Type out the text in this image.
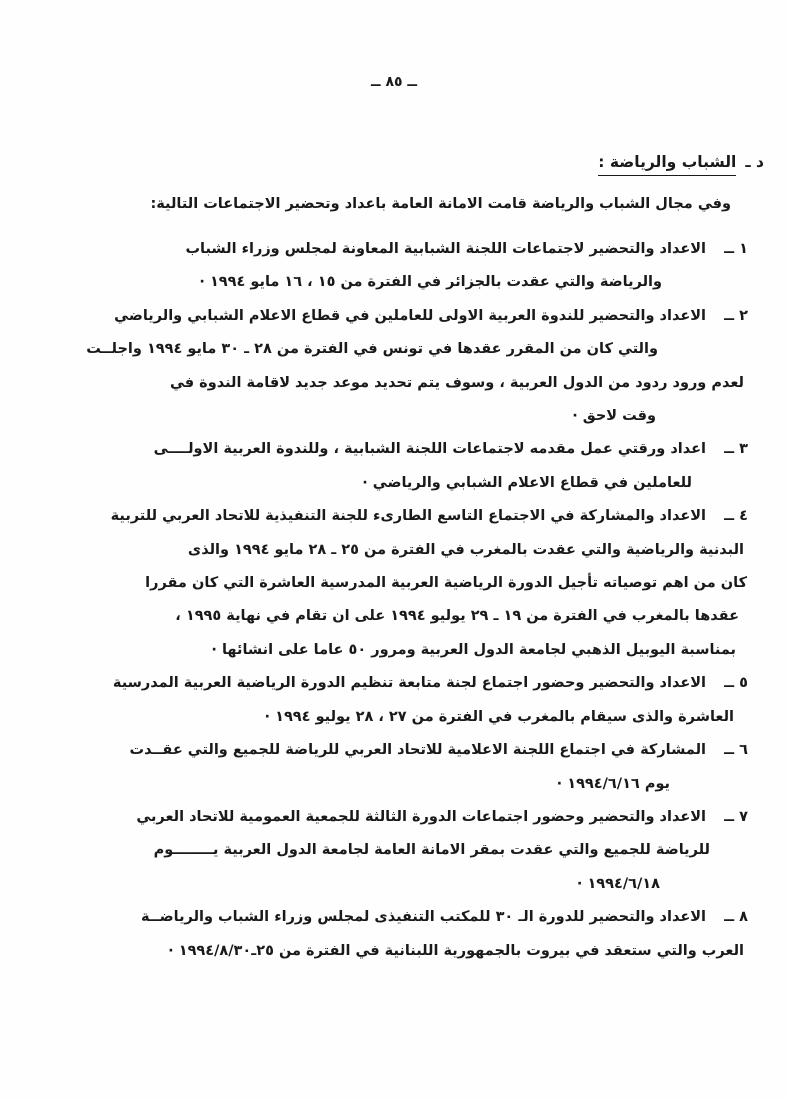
ــ ٨٥ ــ
د ـالشباب والرياضة :
وفي مجال الشباب والرياضة قامت الامانة العامة باعداد وتحضير الاجتماعات التالية:
١ ــ
الاعداد والتحضير لاجتماعات اللجنة الشبابية المعاونة لمجلس وزراء الشباب
والرياضة والتي عقدت بالجزائر في الفترة من ١٥ ، ١٦ مايو ١٩٩٤ ·
٢ ــ
الاعداد والتحضير للندوة العربية الاولى للعاملين في قطاع الاعلام الشبابي والرياضي
والتي كان من المقرر عقدها في تونس في الفترة من ٢٨ ـ ٣٠ مايو ١٩٩٤ واجلــت
لعدم ورود ردود من الدول العربية ، وسوف يتم تحديد موعد جديد لاقامة الندوة في
وقت لاحق ·
٣ ــ
اعداد ورقتي عمل مقدمه لاجتماعات اللجنة الشبابية ، وللندوة العربية الاولــــى
للعاملين في قطاع الاعلام الشبابي والرياضي ·
٤ ــ
الاعداد والمشاركة في الاجتماع التاسع الطارىء للجنة التنفيذية للاتحاد العربي للتربية
البدنية والرياضية والتي عقدت بالمغرب في الفترة من ٢٥ ـ ٢٨ مايو ١٩٩٤ والذى
كان من اهم توصياته تأجيل الدورة الرياضية العربية المدرسية العاشرة التي كان مقررا
عقدها بالمغرب في الفترة من ١٩ ـ ٢٩ يوليو ١٩٩٤ على ان تقام في نهاية ١٩٩٥ ،
بمناسبة اليوبيل الذهبي لجامعة الدول العربية ومرور ٥٠ عاما على انشائها ·
٥ ــ
الاعداد والتحضير وحضور اجتماع لجنة متابعة تنظيم الدورة الرياضية العربية المدرسية
العاشرة والذى سيقام بالمغرب في الفترة من ٢٧ ، ٢٨ يوليو ١٩٩٤ ·
٦ ــ
المشاركة في اجتماع اللجنة الاعلامية للاتحاد العربي للرياضة للجميع والتي عقــدت
يوم ١٩٩٤/٦/١٦ ·
٧ ــ
الاعداد والتحضير وحضور اجتماعات الدورة الثالثة للجمعية العمومية للاتحاد العربي
للرياضة للجميع والتي عقدت بمقر الامانة العامة لجامعة الدول العربية يــــــــوم
١٩٩٤/٦/١٨ ·
٨ ــ
الاعداد والتحضير للدورة الـ ٣٠ للمكتب التنفيذى لمجلس وزراء الشباب والرياضــة
العرب والتي ستعقد في بيروت بالجمهورية اللبنانية في الفترة من ٢٥ـ١٩٩٤/٨/٣٠ ·
